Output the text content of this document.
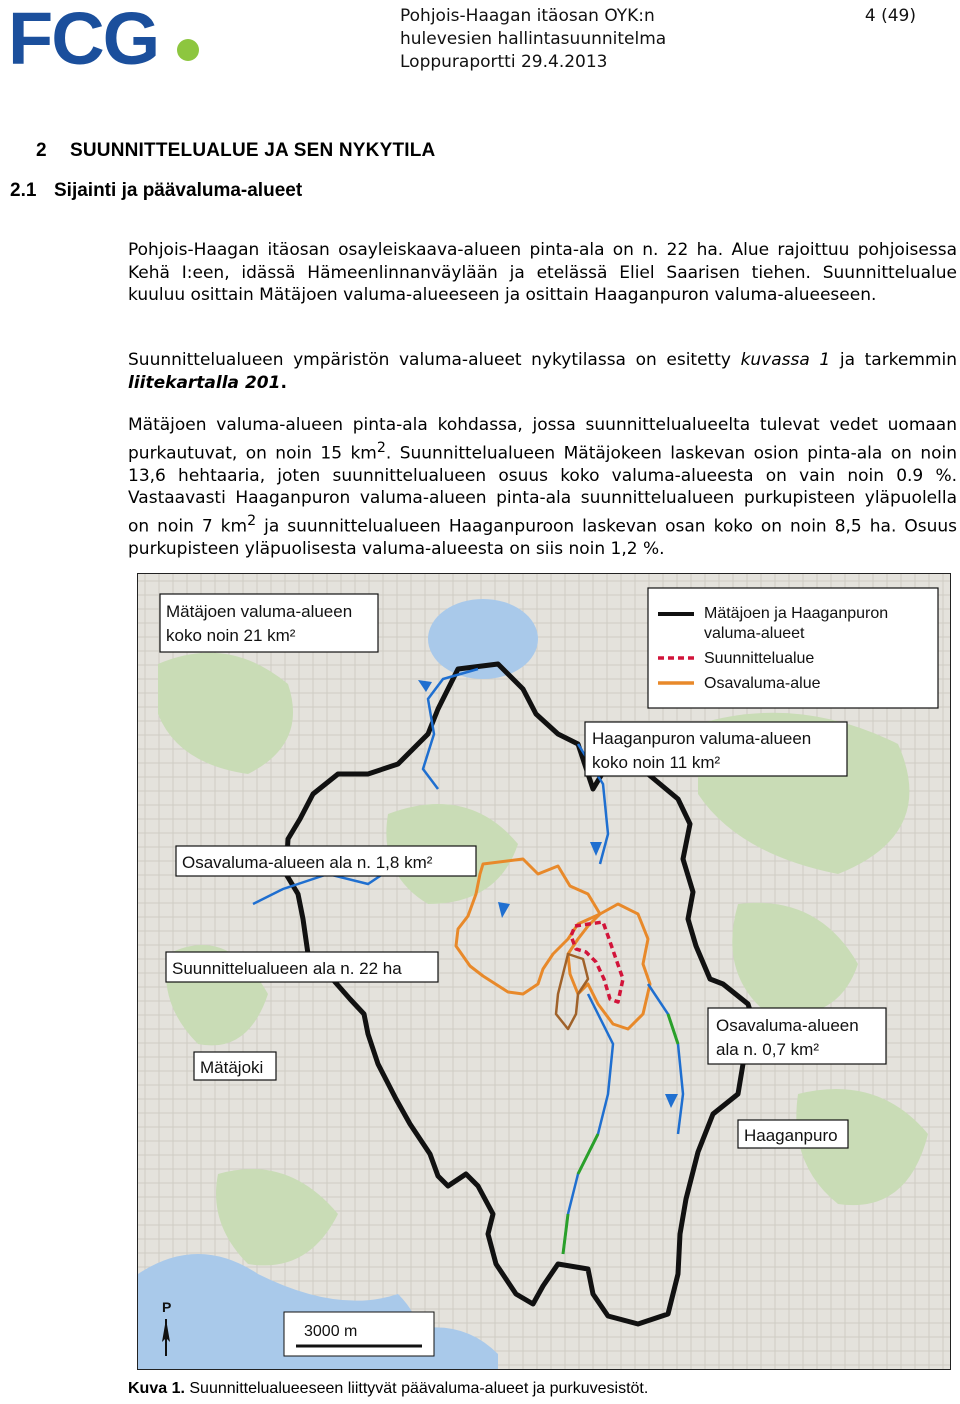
FCG	Pohjois-Haagan itäosan OYK:n	4 (49)
hulevesien hallintasuunnitelma
Loppuraportti 29.4.2013
2 SUUNNITTELUALUE JA SEN NYKYTILA
2.1 Sijainti ja päävaluma-alueet

Pohjois-Haagan itäosan osayleiskaava-alueen pinta-ala on n. 22 ha. Alue rajoittuu pohjoisessa Kehä I:een, idässä Hämeenlinnanväylään ja etelässä Eliel Saarisen tiehen. Suunnittelualue kuuluu osittain Mätäjoen valuma-alueeseen ja osittain Haaganpuron valuma-alueeseen.

Suunnittelualueen ympäristön valuma-alueet nykytilassa on esitetty kuvassa 1 ja tarkemmin liitekartalla 201.

Mätäjoen valuma-alueen pinta-ala kohdassa, jossa suunnittelualueelta tulevat vedet uomaan purkautuvat, on noin 15 $km^2$. Suunnittelualueen Mätäjokeen laskevan osion pinta-ala on noin 13,6 hehtaaria, joten suunnittelualueen osuus koko valuma-alueesta on vain noin 0.9 %. Vastaavasti Haaganpuron valuma-alueen pinta-ala suunnittelualueen purkupisteen yläpuolella on noin 7 $km^2$ ja suunnittelualueen Haaganpuroon laskevan osan koko on noin 8,5 ha. Osuus purkupisteen yläpuolisesta valuma-alueesta on siis noin 1,2 %.

Mätäjoen valuma-alueen
koko noin 21 km²
Mätäjoen ja Haaganpuron
valuma-alueet
Suunnittelualue
Osavaluma-alue
Haaganpuron valuma-alueen
koko noin 11 km²
Osavaluma-alueen ala n. 1,8 km²
Suunnittelualueen ala n. 22 ha
Osavaluma-alueen
ala n. 0,7 km²
Mätäjoki
Haaganpuro
P
3000 m
Kuva 1. Suunnittelualueeseen liittyvät päävaluma-alueet ja purkuvesistöt.
